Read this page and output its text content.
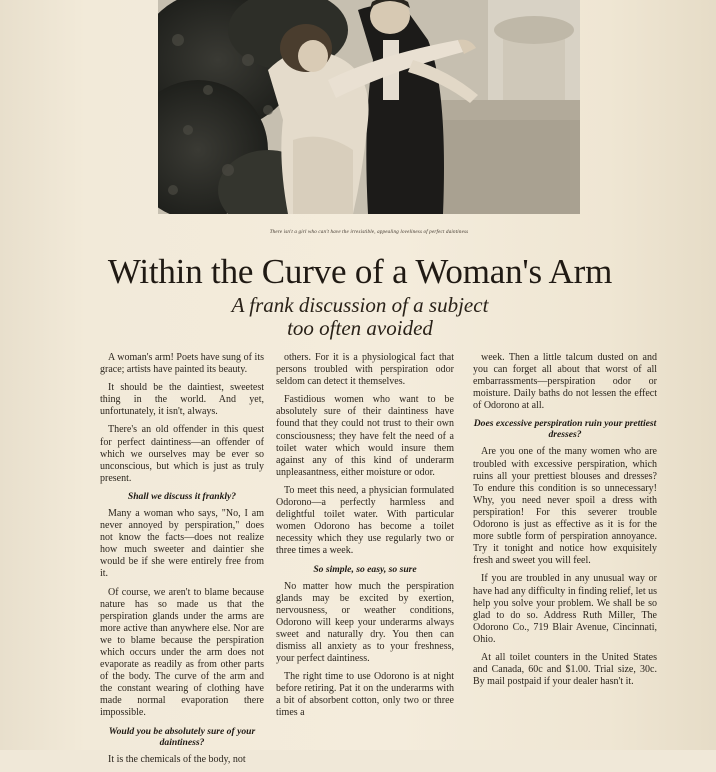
There isn't a girl who can't have the irresistible, appealing loveliness of perfect daintiness
Within the Curve of a Woman's Arm
A frank discussion of a subject
too often avoided

A woman's arm! Poets have sung of its grace; artists have painted its beauty.

It should be the daintiest, sweetest thing in the world. And yet, unfortunately, it isn't, always.

There's an old offender in this quest for perfect daintiness—an offender of which we ourselves may be ever so unconscious, but which is just as truly present.

Shall we discuss it frankly?

Many a woman who says, "No, I am never annoyed by perspiration," does not know the facts—does not realize how much sweeter and daintier she would be if she were entirely free from it.

Of course, we aren't to blame because nature has so made us that the perspiration glands under the arms are more active than anywhere else. Nor are we to blame because the perspiration which occurs under the arm does not evaporate as readily as from other parts of the body. The curve of the arm and the constant wearing of clothing have made normal evaporation there impossible.

Would you be absolutely sure of your daintiness?

It is the chemicals of the body, not

others. For it is a physiological fact that persons troubled with perspiration odor seldom can detect it themselves.

Fastidious women who want to be absolutely sure of their daintiness have found that they could not trust to their own consciousness; they have felt the need of a toilet water which would insure them against any of this kind of underarm unpleasantness, either moisture or odor.

To meet this need, a physician formulated Odorono—a perfectly harmless and delightful toilet water. With particular women Odorono has become a toilet necessity which they use regularly two or three times a week.

So simple, so easy, so sure

No matter how much the perspiration glands may be excited by exertion, nervousness, or weather conditions, Odorono will keep your underarms always sweet and naturally dry. You then can dismiss all anxiety as to your freshness, your perfect daintiness.

The right time to use Odorono is at night before retiring. Pat it on the underarms with a bit of absorbent cotton, only two or three times a

week. Then a little talcum dusted on and you can forget all about that worst of all embarrassments—perspiration odor or moisture. Daily baths do not lessen the effect of Odorono at all.

Does excessive perspiration ruin your prettiest dresses?

Are you one of the many women who are troubled with excessive perspiration, which ruins all your prettiest blouses and dresses? To endure this condition is so unnecessary! Why, you need never spoil a dress with perspiration! For this severer trouble Odorono is just as effective as it is for the more subtle form of perspiration annoyance. Try it tonight and notice how exquisitely fresh and sweet you will feel.

If you are troubled in any unusual way or have had any difficulty in finding relief, let us help you solve your problem. We shall be so glad to do so. Address Ruth Miller, The Odorono Co., 719 Blair Avenue, Cincinnati, Ohio.

At all toilet counters in the United States and Canada, 60c and $1.00. Trial size, 30c. By mail postpaid if your dealer hasn't it.
